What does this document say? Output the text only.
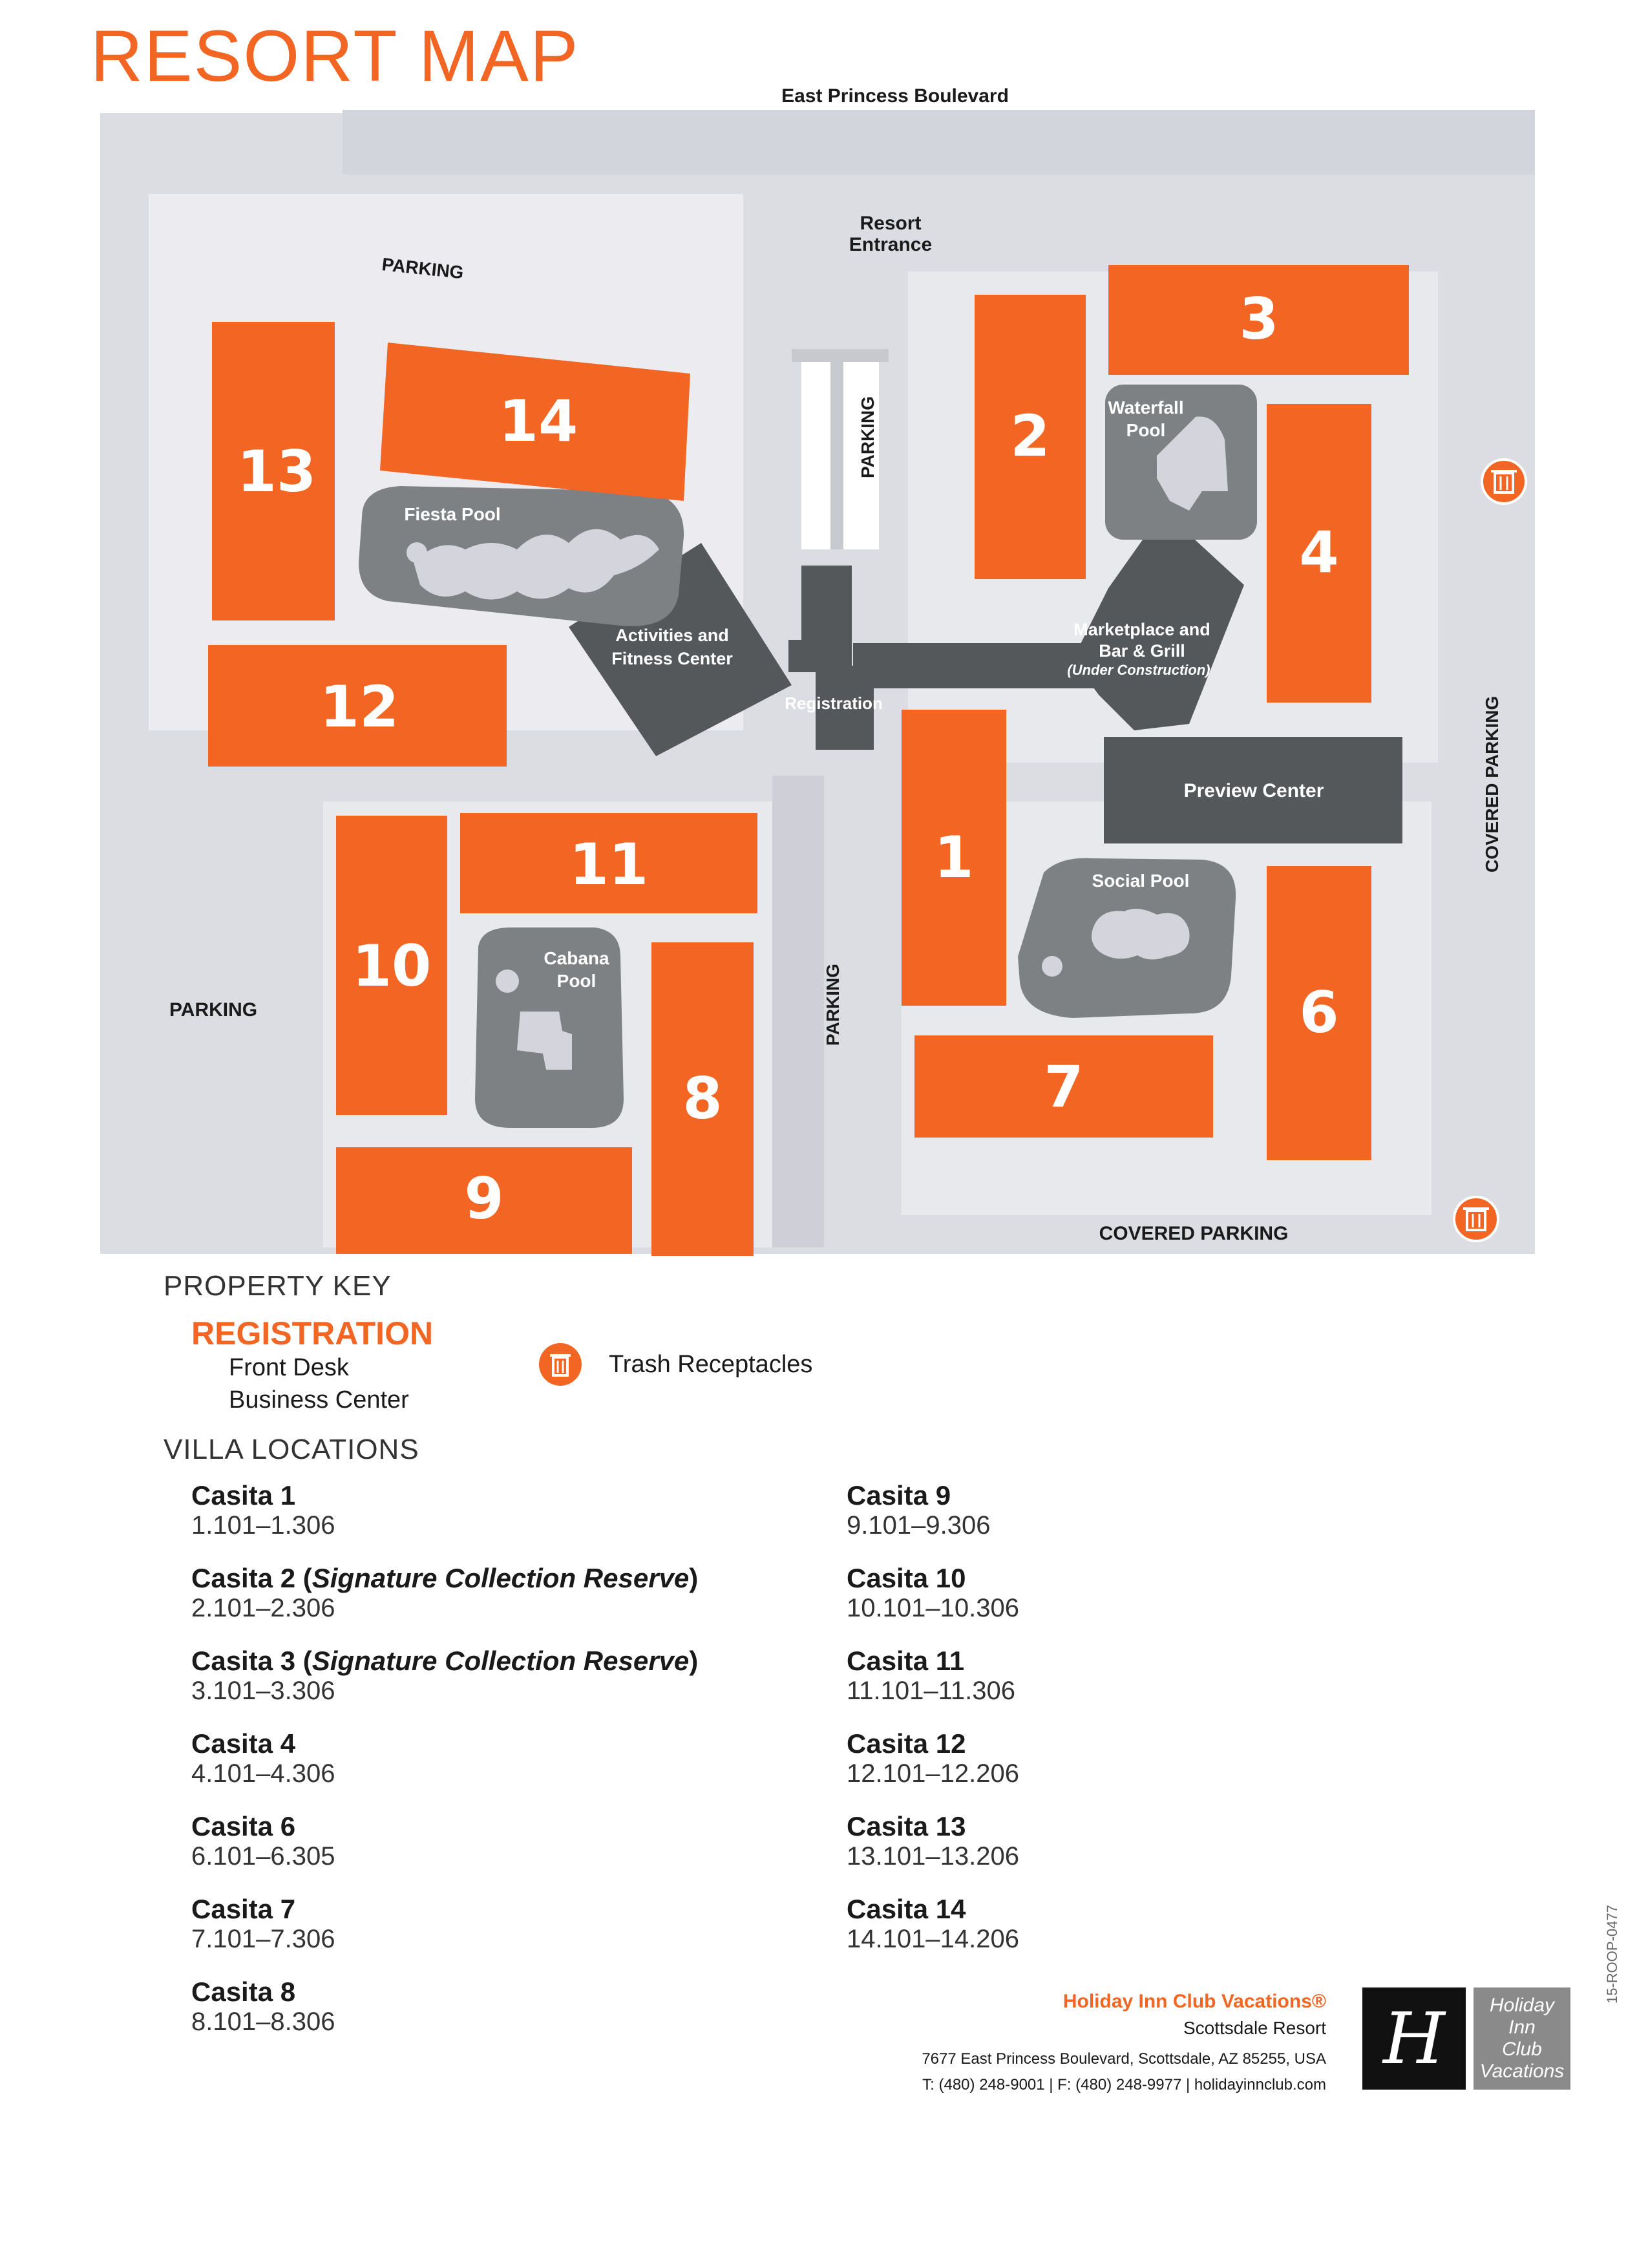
RESORT MAP	East Princess Boulevard
Resort
Entrance
PARKING
PARKING
PARKING	PARKING
COVERED PARKING
COVERED PARKING
Activities and
Fitness Center
Registration
Marketplace and
Bar & Grill
(Under Construction)
Preview Center
Fiesta Pool
Waterfall
Pool
Social Pool
Cabana
Pool
13
14
12
2
3
4
1
11
10
8
9
6
7
PROPERTY KEY
REGISTRATION
Front Desk
Business Center
Trash Receptacles
VILLA LOCATIONS
Casita 1
1.101–1.306
Casita 2 (Signature Collection Reserve)
2.101–2.306
Casita 3 (Signature Collection Reserve)
3.101–3.306
Casita 4
4.101–4.306
Casita 6
6.101–6.305
Casita 7
7.101–7.306
Casita 8
8.101–8.306
Casita 9
9.101–9.306
Casita 10
10.101–10.306
Casita 11
11.101–11.306
Casita 12
12.101–12.206
Casita 13
13.101–13.206
Casita 14
14.101–14.206
Holiday Inn Club Vacations®
Scottsdale Resort
7677 East Princess Boulevard, Scottsdale, AZ 85255, USA
T: (480) 248-9001 | F: (480) 248-9977 | holidayinnclub.com
H	Holiday Inn
Club
Vacations
15-ROOP-0477
